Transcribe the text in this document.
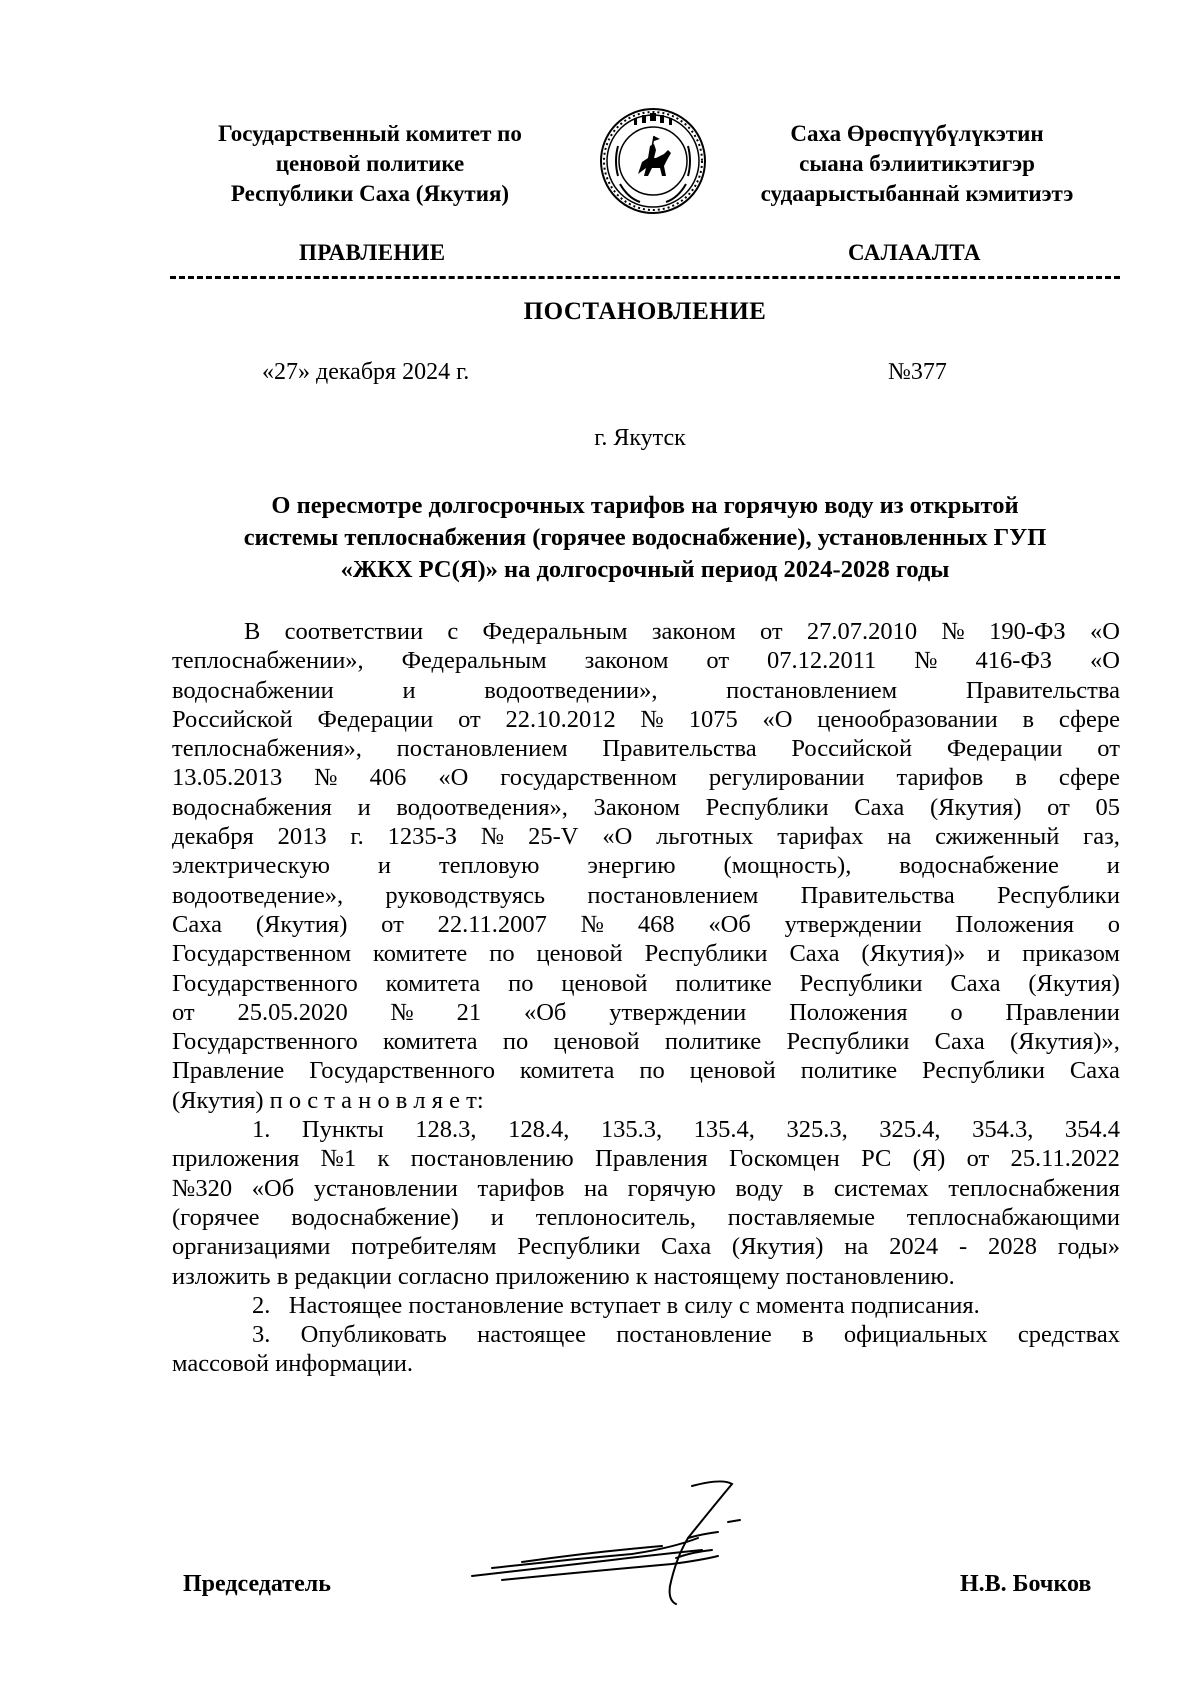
Государственный комитет по
ценовой политике
Республики Саха (Якутия)
Саха Өрөспүүбүлүкэтин
сыана бэлиитикэтигэр
судаарыстыбаннай кэмитиэтэ
ПРАВЛЕНИЕ	САЛААЛТА
ПОСТАНОВЛЕНИЕ
«27» декабря 2024 г.	№377
г. Якутск
О пересмотре долгосрочных тарифов на горячую воду из открытой
системы теплоснабжения (горячее водоснабжение), установленных ГУП
«ЖКХ РС(Я)» на долгосрочный период 2024-2028 годы
В соответствии с Федеральным законом от 27.07.2010 № 190-ФЗ «О
теплоснабжении», Федеральным законом от 07.12.2011 № 416-ФЗ «О
водоснабжении	и	водоотведении»,	постановлением	Правительства
Российской Федерации от 22.10.2012 № 1075 «О ценообразовании в сфере
теплоснабжения», постановлением Правительства Российской Федерации от
13.05.2013 № 406 «О государственном регулировании тарифов в сфере
водоснабжения и водоотведения», Законом Республики Саха (Якутия) от 05
декабря 2013 г. 1235-З № 25-V «О льготных тарифах на сжиженный газ,
электрическую и тепловую энергию (мощность), водоснабжение и
водоотведение», руководствуясь постановлением Правительства Республики
Саха (Якутия) от 22.11.2007 № 468 «Об утверждении Положения о
Государственном комитете по ценовой Республики Саха (Якутия)» и приказом
Государственного комитета по ценовой политике Республики Саха (Якутия)
от 25.05.2020 № 21 «Об утверждении Положения о Правлении
Государственного комитета по ценовой политике Республики Саха (Якутия)»,
Правление Государственного комитета по ценовой политике Республики Саха
(Якутия) п о с т а н о в л я е т:
1. Пункты 128.3, 128.4, 135.3, 135.4, 325.3, 325.4, 354.3, 354.4
приложения №1 к постановлению Правления Госкомцен РС (Я) от 25.11.2022
№320 «Об установлении тарифов на горячую воду в системах теплоснабжения
(горячее водоснабжение) и теплоноситель, поставляемые теплоснабжающими
организациями потребителям Республики Саха (Якутия) на 2024 - 2028 годы»
изложить в редакции согласно приложению к настоящему постановлению.
2.   Настоящее постановление вступает в силу с момента подписания.
3. Опубликовать настоящее постановление в официальных средствах
массовой информации.
Председатель	Н.В. Бочков
